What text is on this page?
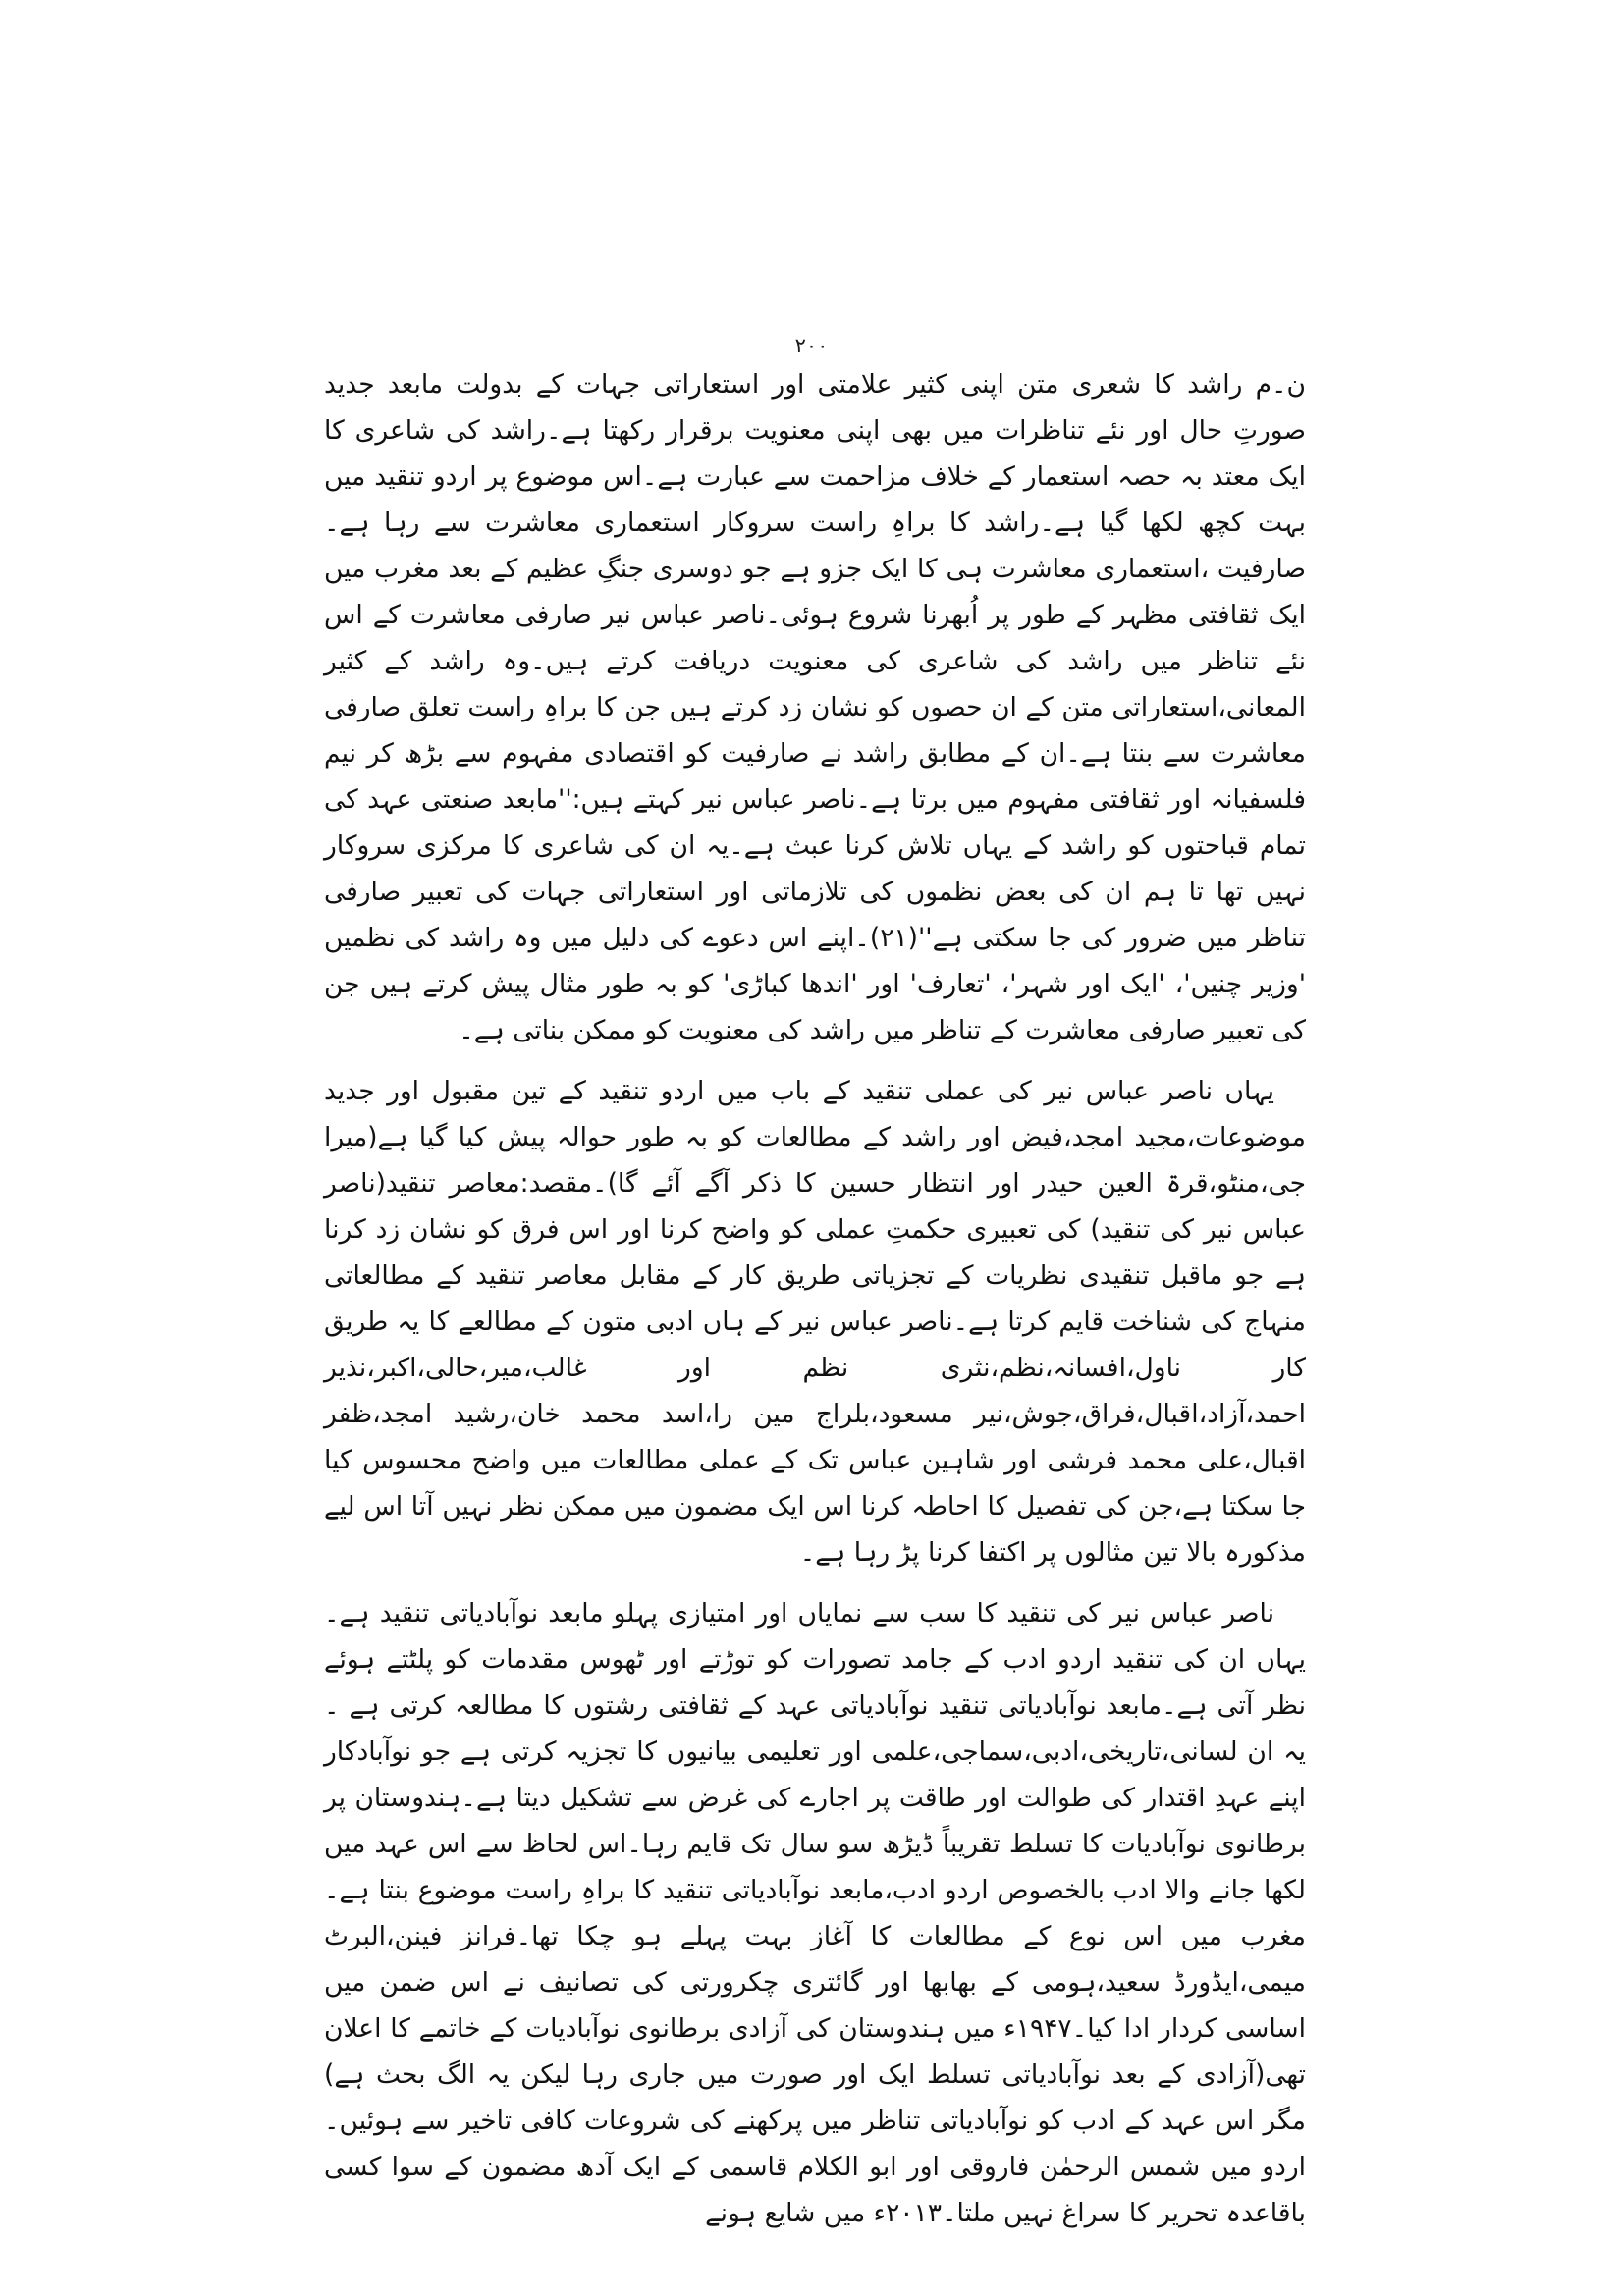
۲۰۰

ن۔م راشد کا شعری متن اپنی کثیر علامتی اور استعاراتی جہات کے بدولت مابعد جدید صورتِ حال اور نئے تناظرات میں بھی اپنی معنویت برقرار رکھتا ہے۔راشد کی شاعری کا ایک معتد بہ حصہ استعمار کے خلاف مزاحمت سے عبارت ہے۔اس موضوع پر اردو تنقید میں بہت کچھ لکھا گیا ہے۔راشد کا براہِ راست سروکار استعماری معاشرت سے رہا ہے۔صارفیت ،استعماری معاشرت ہی کا ایک جزو ہے جو دوسری جنگِ عظیم کے بعد مغرب میں ایک ثقافتی مظہر کے طور پر اُبھرنا شروع ہوئی۔ناصر عباس نیر صارفی معاشرت کے اس نئے تناظر میں راشد کی شاعری کی معنویت دریافت کرتے ہیں۔وہ راشد کے کثیر المعانی،استعاراتی متن کے ان حصوں کو نشان زد کرتے ہیں جن کا براہِ راست تعلق صارفی معاشرت سے بنتا ہے۔ان کے مطابق راشد نے صارفیت کو اقتصادی مفہوم سے بڑھ کر نیم فلسفیانہ اور ثقافتی مفہوم میں برتا ہے۔ناصر عباس نیر کہتے ہیں:''مابعد صنعتی عہد کی تمام قباحتوں کو راشد کے یہاں تلاش کرنا عبث ہے۔یہ ان کی شاعری کا مرکزی سروکار نہیں تھا تا ہم ان کی بعض نظموں کی تلازماتی اور استعاراتی جہات کی تعبیر صارفی تناظر میں ضرور کی جا سکتی ہے''(۲۱)۔اپنے اس دعوے کی دلیل میں وہ راشد کی نظمیں 'وزیر چنیں'، 'ایک اور شہر'، 'تعارف' اور 'اندھا کباڑی' کو بہ طور مثال پیش کرتے ہیں جن کی تعبیر صارفی معاشرت کے تناظر میں راشد کی معنویت کو ممکن بناتی ہے۔

یہاں ناصر عباس نیر کی عملی تنقید کے باب میں اردو تنقید کے تین مقبول اور جدید موضوعات،مجید امجد،فیض اور راشد کے مطالعات کو بہ طور حوالہ پیش کیا گیا ہے(میرا جی،منٹو،قرۃ العین حیدر اور انتظار حسین کا ذکر آگے آئے گا)۔مقصد:معاصر تنقید(ناصر عباس نیر کی تنقید) کی تعبیری حکمتِ عملی کو واضح کرنا اور اس فرق کو نشان زد کرنا ہے جو ماقبل تنقیدی نظریات کے تجزیاتی طریق کار کے مقابل معاصر تنقید کے مطالعاتی منہاج کی شناخت قایم کرتا ہے۔ناصر عباس نیر کے ہاں ادبی متون کے مطالعے کا یہ طریق کار ناول،افسانہ،نظم،نثری نظم اور غالب،میر،حالی،اکبر،نذیر احمد،آزاد،اقبال،فراق،جوش،نیر مسعود،بلراج مین را،اسد محمد خان،رشید امجد،ظفر اقبال،علی محمد فرشی اور شاہین عباس تک کے عملی مطالعات میں واضح محسوس کیا جا سکتا ہے،جن کی تفصیل کا احاطہ کرنا اس ایک مضمون میں ممکن نظر نہیں آتا اس لیے مذکورہ بالا تین مثالوں پر اکتفا کرنا پڑ رہا ہے۔

ناصر عباس نیر کی تنقید کا سب سے نمایاں اور امتیازی پہلو مابعد نوآبادیاتی تنقید ہے۔یہاں ان کی تنقید اردو ادب کے جامد تصورات کو توڑتے اور ٹھوس مقدمات کو پلٹتے ہوئے نظر آتی ہے۔مابعد نوآبادیاتی تنقید نوآبادیاتی عہد کے ثقافتی رشتوں کا مطالعہ کرتی ہے ۔ یہ ان لسانی،تاریخی،ادبی،سماجی،علمی اور تعلیمی بیانیوں کا تجزیہ کرتی ہے جو نوآبادکار اپنے عہدِ اقتدار کی طوالت اور طاقت پر اجارے کی غرض سے تشکیل دیتا ہے۔ہندوستان پر برطانوی نوآبادیات کا تسلط تقریباً ڈیڑھ سو سال تک قایم رہا۔اس لحاظ سے اس عہد میں لکھا جانے والا ادب بالخصوص اردو ادب،مابعد نوآبادیاتی تنقید کا براہِ راست موضوع بنتا ہے۔مغرب میں اس نوع کے مطالعات کا آغاز بہت پہلے ہو چکا تھا۔فرانز فینن،البرٹ میمی،ایڈورڈ سعید،ہومی کے بھابھا اور گائتری چکرورتی کی تصانیف نے اس ضمن میں اساسی کردار ادا کیا۔۱۹۴۷ء میں ہندوستان کی آزادی برطانوی نوآبادیات کے خاتمے کا اعلان تھی(آزادی کے بعد نوآبادیاتی تسلط ایک اور صورت میں جاری رہا لیکن یہ الگ بحث ہے) مگر اس عہد کے ادب کو نوآبادیاتی تناظر میں پرکھنے کی شروعات کافی تاخیر سے ہوئیں۔اردو میں شمس الرحمٰن فاروقی اور ابو الکلام قاسمی کے ایک آدھ مضمون کے سوا کسی باقاعدہ تحریر کا سراغ نہیں ملتا۔۲۰۱۳ء میں شایع ہونے
